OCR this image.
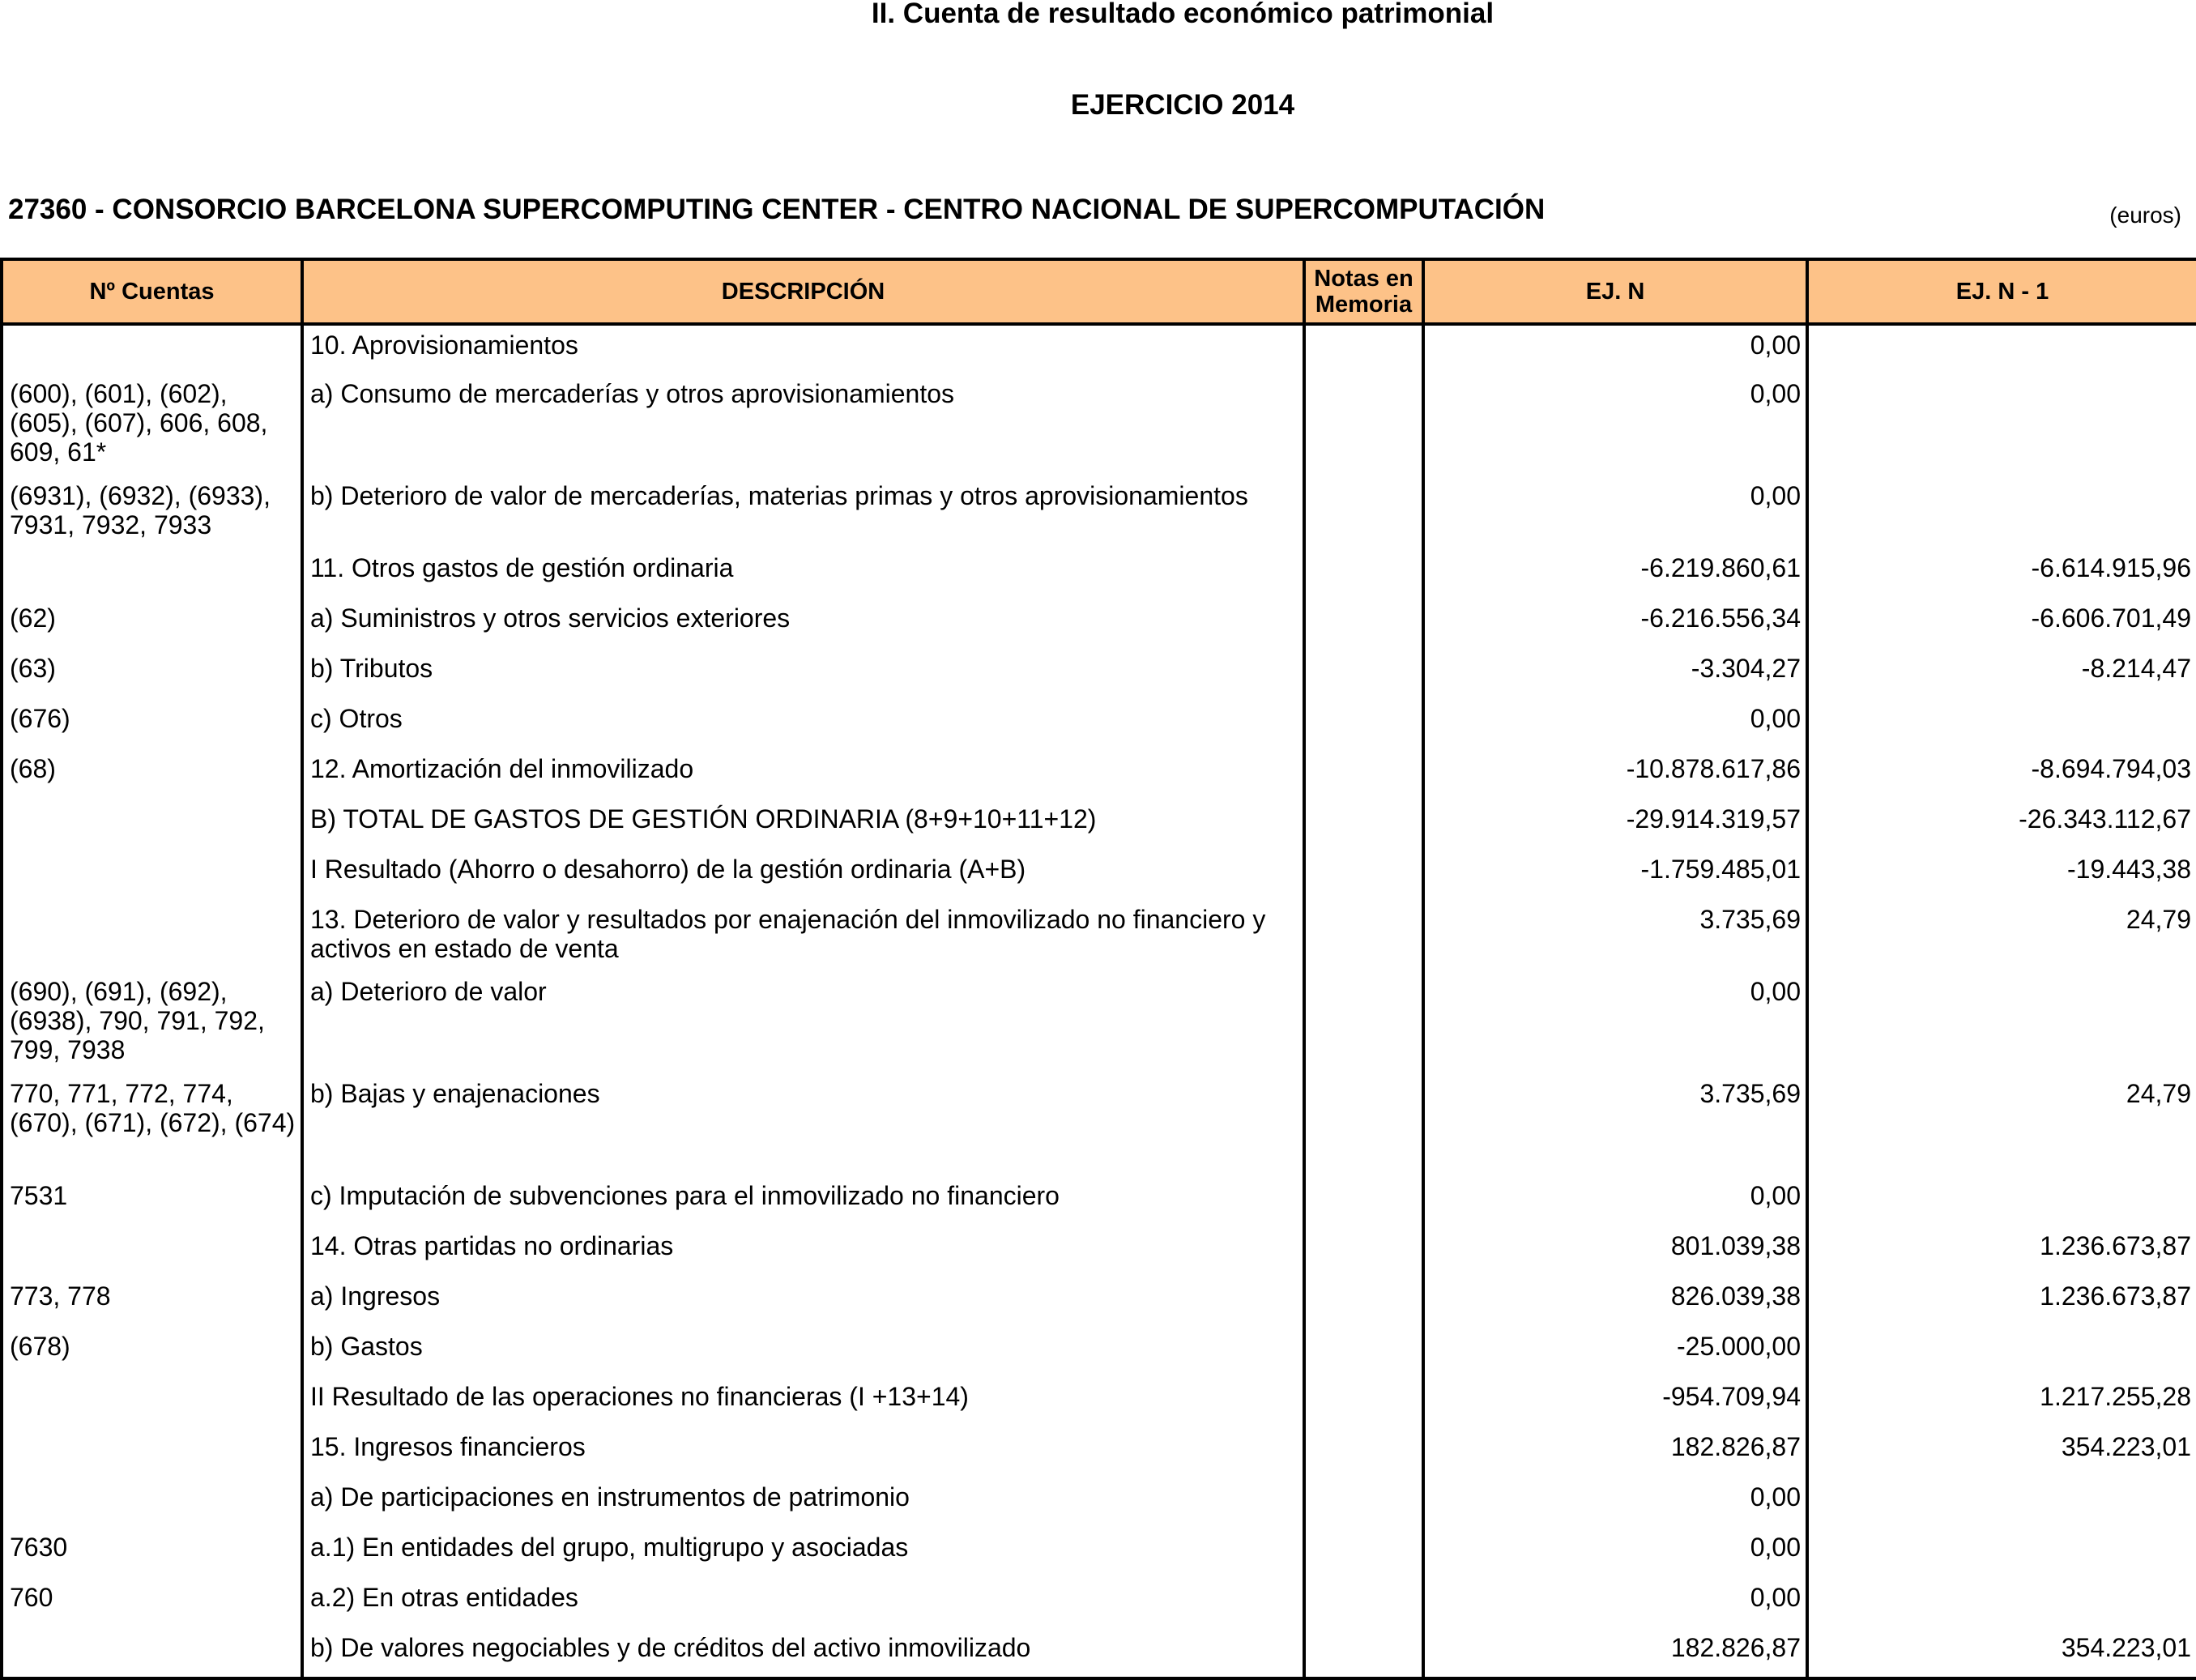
II. Cuenta de resultado económico patrimonial
EJERCICIO 2014
27360 - CONSORCIO BARCELONA SUPERCOMPUTING CENTER - CENTRO NACIONAL DE SUPERCOMPUTACIÓN	(euros)
Nº Cuentas	DESCRIPCIÓN	Notas en Memoria	EJ. N	EJ. N - 1
	10. Aprovisionamientos		0,00	
(600), (601), (602), (605), (607), 606, 608, 609, 61*	a) Consumo de mercaderías y otros aprovisionamientos		0,00	
(6931), (6932), (6933), 7931, 7932, 7933	b) Deterioro de valor de mercaderías, materias primas y otros aprovisionamientos		0,00	
	11. Otros gastos de gestión ordinaria		-6.219.860,61	-6.614.915,96
(62)	a) Suministros y otros servicios exteriores		-6.216.556,34	-6.606.701,49
(63)	b) Tributos		-3.304,27	-8.214,47
(676)	c) Otros		0,00	
(68)	12. Amortización del inmovilizado		-10.878.617,86	-8.694.794,03
	B) TOTAL DE GASTOS DE GESTIÓN ORDINARIA (8+9+10+11+12)		-29.914.319,57	-26.343.112,67
	I Resultado (Ahorro o desahorro) de la gestión ordinaria (A+B)		-1.759.485,01	-19.443,38
	13. Deterioro de valor y resultados por enajenación del inmovilizado no financiero y activos en estado de venta		3.735,69	24,79
(690), (691), (692), (6938), 790, 791, 792, 799, 7938	a) Deterioro de valor		0,00	
770, 771, 772, 774, (670), (671), (672), (674)	b) Bajas y enajenaciones		3.735,69	24,79
7531	c) Imputación de subvenciones para el inmovilizado no financiero		0,00	
	14. Otras partidas no ordinarias		801.039,38	1.236.673,87
773, 778	a) Ingresos		826.039,38	1.236.673,87
(678)	b) Gastos		-25.000,00	
	II Resultado de las operaciones no financieras (I +13+14)		-954.709,94	1.217.255,28
	15. Ingresos financieros		182.826,87	354.223,01
	a) De participaciones en instrumentos de patrimonio		0,00	
7630	a.1) En entidades del grupo, multigrupo y asociadas		0,00	
760	a.2) En otras entidades		0,00	
	b) De valores negociables y de créditos del activo inmovilizado		182.826,87	354.223,01
